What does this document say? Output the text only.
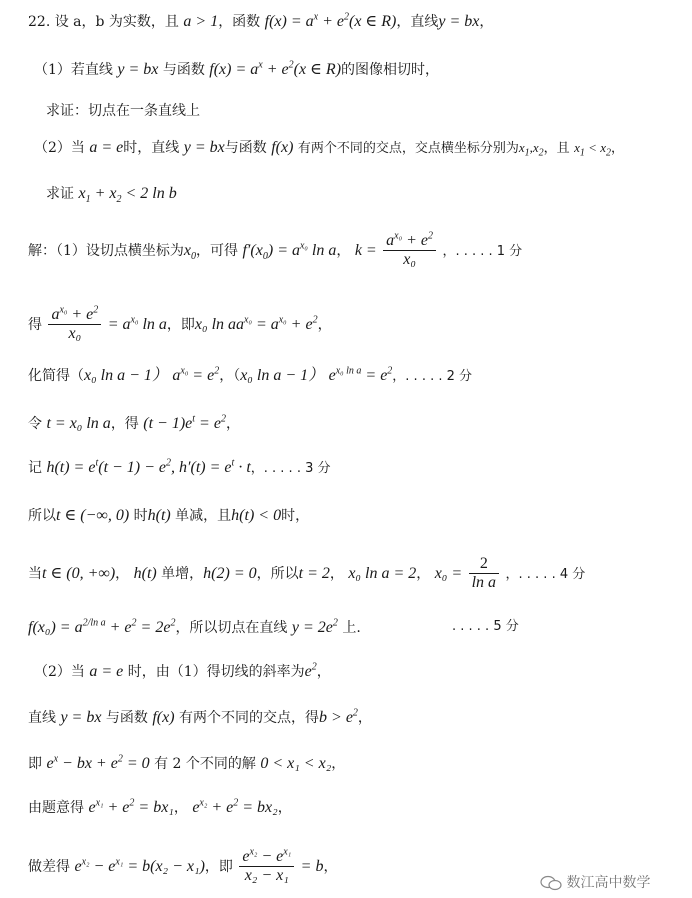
22. 设 a，b 为实数，且 a > 1，函数 $f(x) = a^x + e^2(x$ ∈ R)，直线y = bx，
（1）若直线 y = bx 与函数 $f(x) = a^x + e^2(x$ ∈ R)的图像相切时，
求证：切点在一条直线上
（2）当 a = e时，直线 y = bx与函数 f(x) 有两个不同的交点，交点横坐标分别为$x_1,x_2$，且 $x_1 < x_2$，
求证 $x_1 + x_2 < 2$ ln b
解：（1）设切点横坐标为$x_0$，可得 $f'(x_0) = a^{x_0}$ ln a， $k = \frac{a^{x_0} + e^2}{\text{x₀}}$ ，. . . . . 1 分
得 $\frac{a^{x_0} + e^2}{\text{x₀}} = a^{x_0}$ ln a，即x₀ $\ln aa^{x_0} = a^{x_0} + e^2$，
化简得（x₀ ln a − 1） $a^{x_0} = e^2$，（x₀ ln a − 1） $e^{x_0 ln a} = e^2$，. . . . . 2 分
令 t = x₀ ln a，得 $(t - 1)e^t = e^2$，
记 $h(t) = e^t(t - 1) - e^2$, $h'(t) = e^t \cdot t$，. . . . . 3 分
所以t ∈ (−∞, 0) 时h(t) 单减，且h(t) < 0时，
当t ∈ (0, +∞)， h(t) 单增，h(2) = 0，所以t = 2， x₀ ln a = 2， $x_0 = \frac{2}{\text{ln a}}$ ，. . . . . 4 分
$f(x_0) = a^{2/ln a} + e^2 = 2e^2$，所以切点在直线 $y = 2e^2$ 上.	. . . . . 5 分
（2）当 a = e 时，由（1）得切线的斜率为$e^2$，
直线 y = bx 与函数 f(x) 有两个不同的交点，得$b > e^2$，
即 $e^x$ − bx + $e^2 = 0$ 有 2 个不同的解 0 < x₁ < x₂，
由题意得 $e^{x_1} + e^2 = bx_1$， $e^{x_2} + e^2 = bx_2$，
做差得 $e^{x_2} - e^{x_1} = b(x_2 - x_1)$，即 $\frac{e^{x_2} - e^{x_1}}{\text{x₂ − x₁}} = b$，
数江高中数学
